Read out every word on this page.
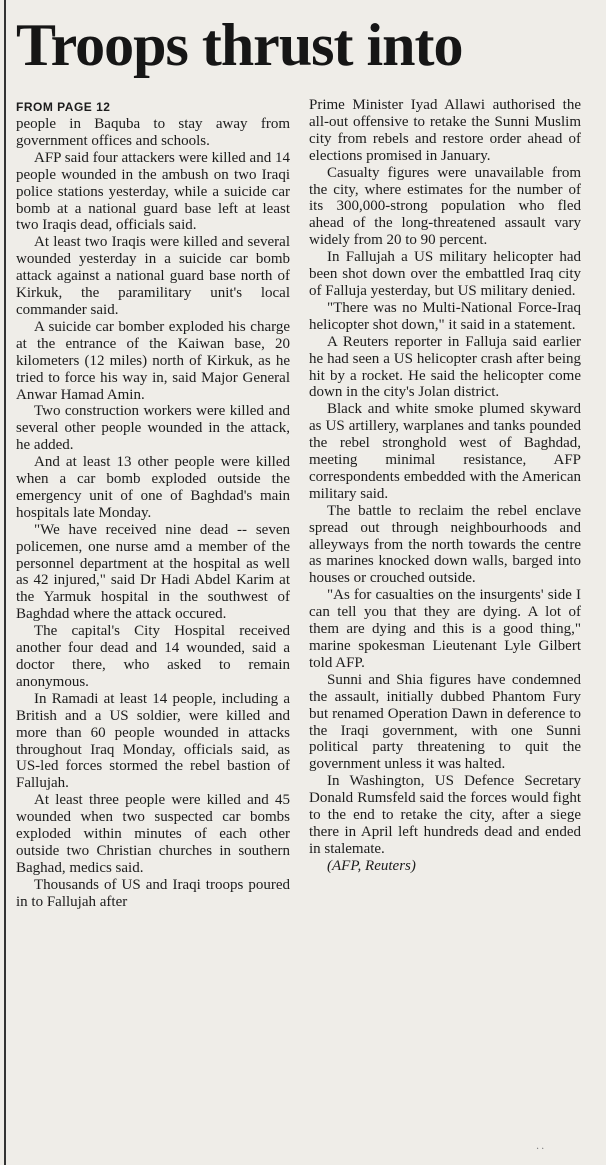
Troops thrust into
FROM PAGE 12

people in Baquba to stay away from government offices and schools.

AFP said four attackers were killed and 14 people wounded in the ambush on two Iraqi police stations yesterday, while a suicide car bomb at a national guard base left at least two Iraqis dead, officials said.

At least two Iraqis were killed and several wounded yesterday in a suicide car bomb attack against a national guard base north of Kirkuk, the paramilitary unit's local commander said.

A suicide car bomber exploded his charge at the entrance of the Kaiwan base, 20 kilometers (12 miles) north of Kirkuk, as he tried to force his way in, said Major General Anwar Hamad Amin.

Two construction workers were killed and several other people wounded in the attack, he added.

And at least 13 other people were killed when a car bomb exploded outside the emergency unit of one of Baghdad's main hospitals late Monday.

"We have received nine dead -- seven policemen, one nurse amd a member of the personnel department at the hospital as well as 42 injured," said Dr Hadi Abdel Karim at the Yarmuk hospital in the southwest of Baghdad where the attack occured.

The capital's City Hospital received another four dead and 14 wounded, said a doctor there, who asked to remain anonymous.

In Ramadi at least 14 people, including a British and a US soldier, were killed and more than 60 people wounded in attacks throughout Iraq Monday, officials said, as US-led forces stormed the rebel bastion of Fallujah.

At least three people were killed and 45 wounded when two suspected car bombs exploded within minutes of each other outside two Christian churches in southern Baghad, medics said.

Thousands of US and Iraqi troops poured in to Fallujah after

Prime Minister Iyad Allawi authorised the all-out offensive to retake the Sunni Muslim city from rebels and restore order ahead of elections promised in January.

Casualty figures were unavailable from the city, where estimates for the number of its 300,000-strong population who fled ahead of the long-threatened assault vary widely from 20 to 90 percent.

In Fallujah a US military helicopter had been shot down over the embattled Iraq city of Falluja yesterday, but US military denied.

"There was no Multi-National Force-Iraq helicopter shot down," it said in a statement.

A Reuters reporter in Falluja said earlier he had seen a US helicopter crash after being hit by a rocket. He said the helicopter come down in the city's Jolan district.

Black and white smoke plumed skyward as US artillery, warplanes and tanks pounded the rebel stronghold west of Baghdad, meeting minimal resistance, AFP correspondents embedded with the American military said.

The battle to reclaim the rebel enclave spread out through neighbourhoods and alleyways from the north towards the centre as marines knocked down walls, barged into houses or crouched outside.

"As for casualties on the insurgents' side I can tell you that they are dying. A lot of them are dying and this is a good thing," marine spokesman Lieutenant Lyle Gilbert told AFP.

Sunni and Shia figures have condemned the assault, initially dubbed Phantom Fury but renamed Operation Dawn in deference to the Iraqi government, with one Sunni political party threatening to quit the government unless it was halted.

In Washington, US Defence Secretary Donald Rumsfeld said the forces would fight to the end to retake the city, after a siege there in April left hundreds dead and ended in stalemate.

(AFP, Reuters)

..
